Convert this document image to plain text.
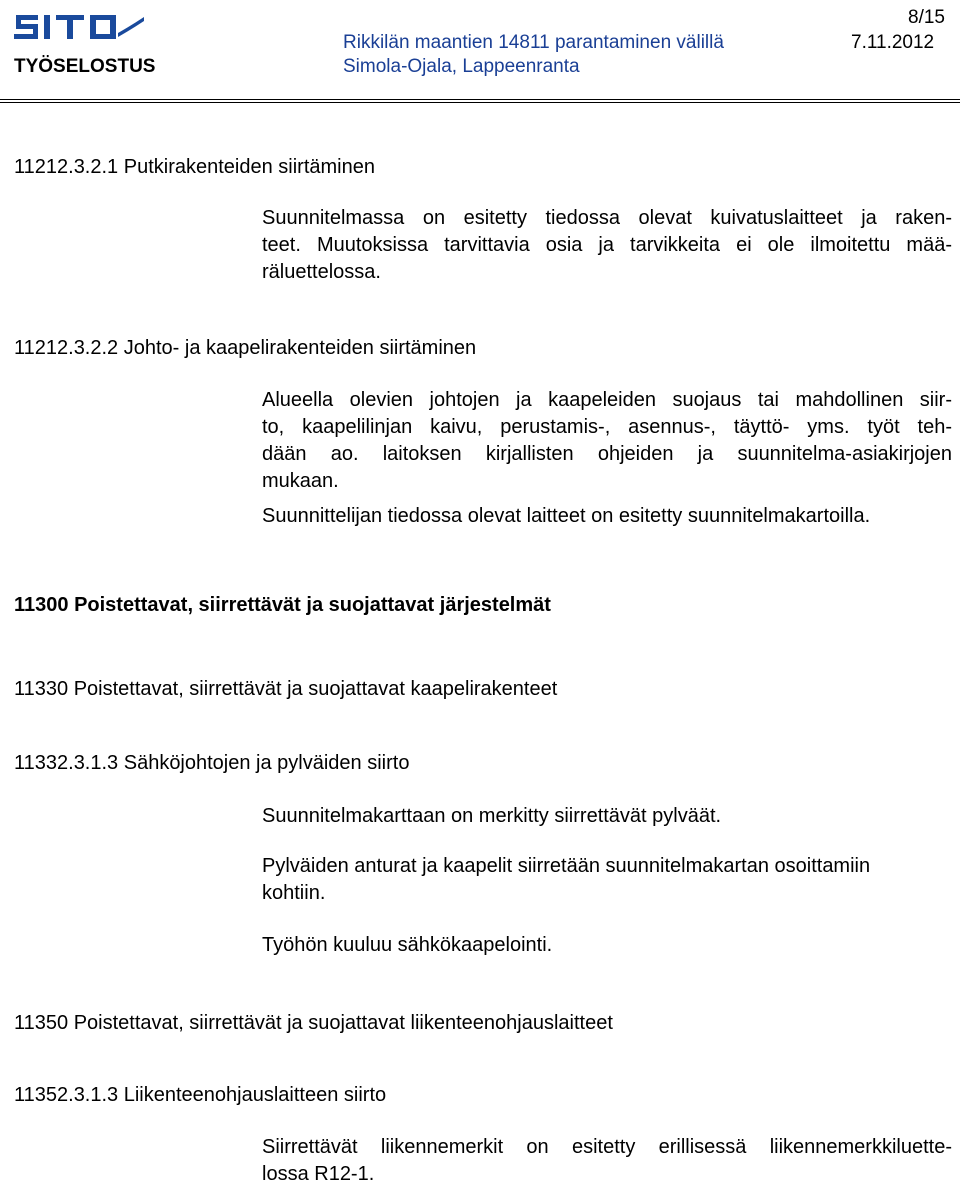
TYÖSELOSTUS
Rikkilän maantien 14811 parantaminen välillä
Simola-Ojala, Lappeenranta
8/15
7.11.2012
11212.3.2.1 Putkirakenteiden siirtäminen
Suunnitelmassa on esitetty tiedossa olevat kuivatuslaitteet ja raken-
teet. Muutoksissa tarvittavia osia ja tarvikkeita ei ole ilmoitettu mää-
räluettelossa.
11212.3.2.2 Johto- ja kaapelirakenteiden siirtäminen
Alueella olevien johtojen ja kaapeleiden suojaus tai mahdollinen siir-
to, kaapelilinjan kaivu, perustamis-, asennus-, täyttö- yms. työt teh-
dään ao. laitoksen kirjallisten ohjeiden ja suunnitelma-asiakirjojen
mukaan.
Suunnittelijan tiedossa olevat laitteet on esitetty suunnitelmakartoilla.
11300 Poistettavat, siirrettävät ja suojattavat järjestelmät
11330 Poistettavat, siirrettävät ja suojattavat kaapelirakenteet
11332.3.1.3 Sähköjohtojen ja pylväiden siirto
Suunnitelmakarttaan on merkitty siirrettävät pylväät.
Pylväiden anturat ja kaapelit siirretään suunnitelmakartan osoittamiin
kohtiin.
Työhön kuuluu sähkökaapelointi.
11350 Poistettavat, siirrettävät ja suojattavat liikenteenohjauslaitteet
11352.3.1.3 Liikenteenohjauslaitteen siirto
Siirrettävät liikennemerkit on esitetty erillisessä liikennemerkkiluette-
lossa R12-1.
